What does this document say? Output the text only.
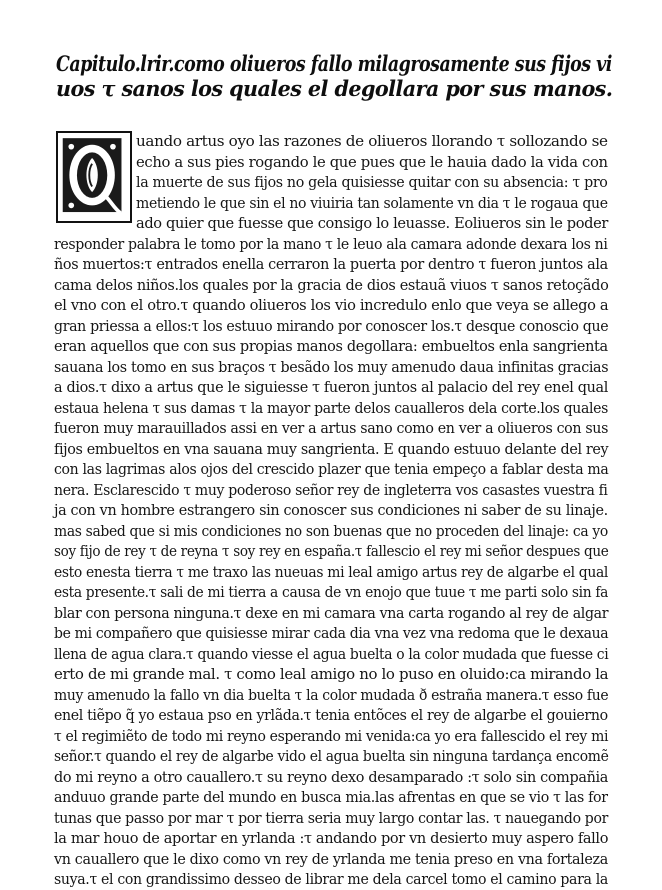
Capitulo.lrir.como oliueros fallo milagrosamente sus fijos vi
uos τ sanos los quales el degollara por sus manos.
Q
uando artus oyo las razones de oliueros llorando τ sollozando se
echo a sus pies rogando le que pues que le hauia dado la vida con
la muerte de sus fijos no gela quisiesse quitar con su absencia: τ pro
metiendo le que sin el no viuiria tan solamente vn dia τ le rogaua que
ado quier que fuesse que consigo lo leuasse. Eoliueros sin le poder
responder palabra le tomo por la mano τ le leuo ala camara adonde dexara los ni
ños muertos:τ entrados enella cerraron la puerta por dentro τ fueron juntos ala
cama delos niños.los quales por la gracia de dios estauã viuos τ sanos retoçãdo
el vno con el otro.τ quando oliueros los vio incredulo enlo que veya se allego a
gran priessa a ellos:τ los estuuo mirando por conoscer los.τ desque conoscio que
eran aquellos que con sus propias manos degollara: embueltos enla sangrienta
sauana los tomo en sus braços τ besãdo los muy amenudo daua infinitas gracias
a dios.τ dixo a artus que le siguiesse τ fueron juntos al palacio del rey enel qual
estaua helena τ sus damas τ la mayor parte delos caualleros dela corte.los quales
fueron muy marauillados assi en ver a artus sano como en ver a oliueros con sus
fijos embueltos en vna sauana muy sangrienta. E quando estuuo delante del rey
con las lagrimas alos ojos del crescido plazer que tenia empeço a fablar desta ma
nera. Esclarescido τ muy poderoso señor rey de ingleterra vos casastes vuestra fi
ja con vn hombre estrangero sin conoscer sus condiciones ni saber de su linaje.
mas sabed que si mis condiciones no son buenas que no proceden del linaje: ca yo
soy fijo de rey τ de reyna τ soy rey en españa.τ fallescio el rey mi señor despues que
esto enesta tierra τ me traxo las nueuas mi leal amigo artus rey de algarbe el qual
esta presente.τ sali de mi tierra a causa de vn enojo que tuue τ me parti solo sin fa
blar con persona ninguna.τ dexe en mi camara vna carta rogando al rey de algar
be mi compañero que quisiesse mirar cada dia vna vez vna redoma que le dexaua
llena de agua clara.τ quando viesse el agua buelta o la color mudada que fuesse ci
erto de mi grande mal. τ como leal amigo no lo puso en oluido:ca mirando la
muy amenudo la fallo vn dia buelta τ la color mudada ð estraña manera.τ esso fue
enel tiẽpo q̃ yo estaua pso en yrlãda.τ tenia entõces el rey de algarbe el gouierno
τ el regimiẽto de todo mi reyno esperando mi venida:ca yo era fallescido el rey mi
señor.τ quando el rey de algarbe vido el agua buelta sin ninguna tardança encomẽ
do mi reyno a otro cauallero.τ su reyno dexo desamparado :τ solo sin compañia
anduuo grande parte del mundo en busca mia.las afrentas en que se vio τ las for
tunas que passo por mar τ por tierra seria muy largo contar las. τ nauegando por
la mar houo de aportar en yrlanda :τ andando por vn desierto muy aspero fallo
vn cauallero que le dixo como vn rey de yrlanda me tenia preso en vna fortaleza
suya.τ el con grandissimo desseo de librar me dela carcel tomo el camino para la
